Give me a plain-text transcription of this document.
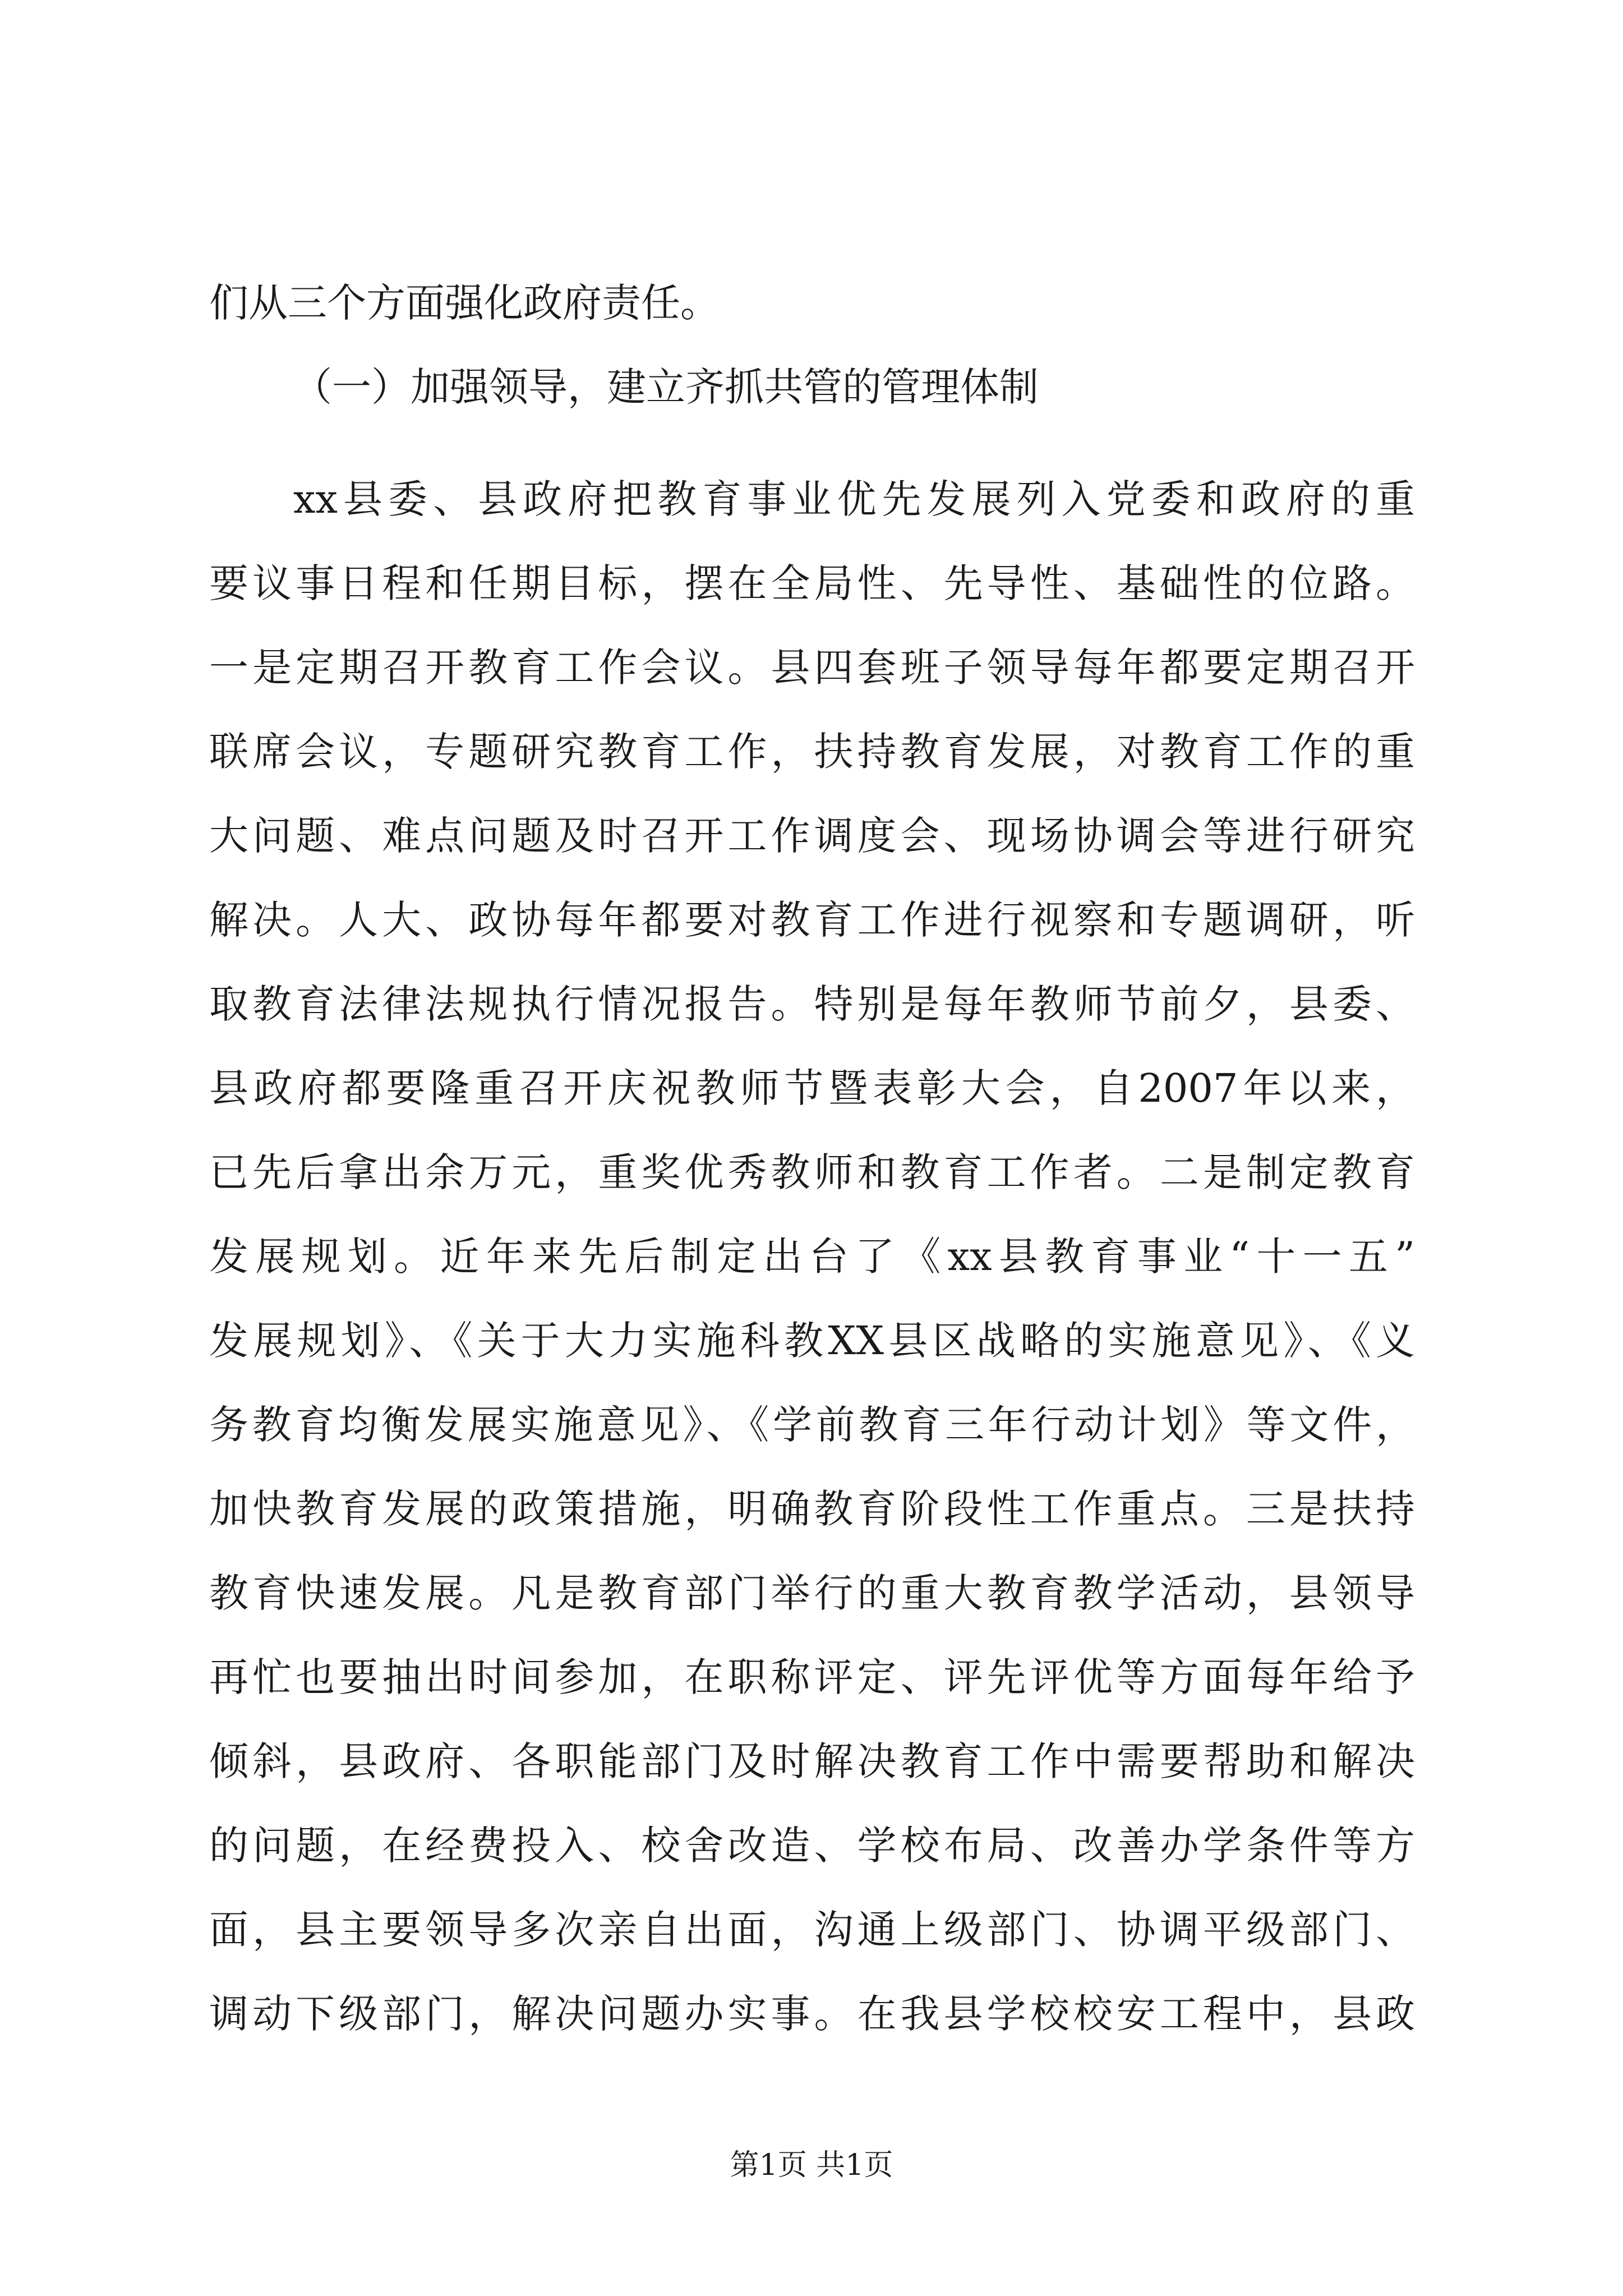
们从三个方面强化政府责任。
（一）加强领导，建立齐抓共管的管理体制
xx县委、县政府把教育事业优先发展列入党委和政府的重
要议事日程和任期目标，摆在全局性、先导性、基础性的位路。
一是定期召开教育工作会议。县四套班子领导每年都要定期召开
联席会议，专题研究教育工作，扶持教育发展，对教育工作的重
大问题、难点问题及时召开工作调度会、现场协调会等进行研究
解决。人大、政协每年都要对教育工作进行视察和专题调研，听
取教育法律法规执行情况报告。特别是每年教师节前夕，县委、
县政府都要隆重召开庆祝教师节暨表彰大会，自2007年以来，
已先后拿出余万元，重奖优秀教师和教育工作者。二是制定教育
发展规划。近年来先后制定出台了《xx县教育事业“十一五”
发展规划》、《关于大力实施科教XX县区战略的实施意见》、《义
务教育均衡发展实施意见》、《学前教育三年行动计划》等文件，
加快教育发展的政策措施，明确教育阶段性工作重点。三是扶持
教育快速发展。凡是教育部门举行的重大教育教学活动，县领导
再忙也要抽出时间参加，在职称评定、评先评优等方面每年给予
倾斜，县政府、各职能部门及时解决教育工作中需要帮助和解决
的问题，在经费投入、校舍改造、学校布局、改善办学条件等方
面，县主要领导多次亲自出面，沟通上级部门、协调平级部门、
调动下级部门，解决问题办实事。在我县学校校安工程中，县政
第1页 共1页
